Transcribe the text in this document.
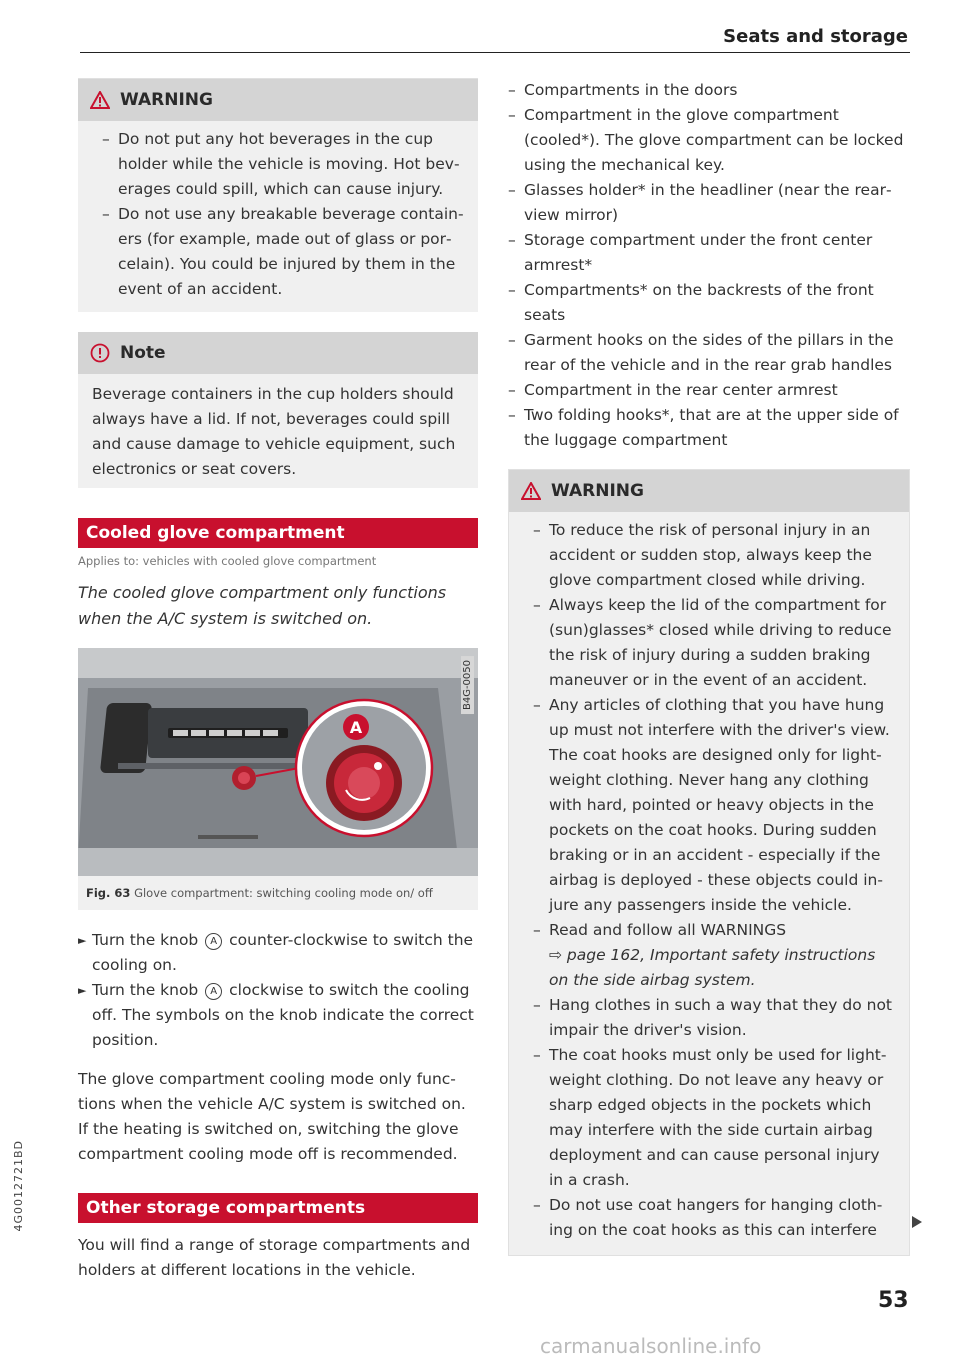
Seats and storage
WARNING
– Do not put any hot beverages in the cup holder while the vehicle is moving. Hot beverages could spill, which can cause injury.
– Do not use any breakable beverage containers (for example, made out of glass or porcelain). You could be injured by them in the event of an accident.
Note
Beverage containers in the cup holders should always have a lid. If not, beverages could spill and cause damage to vehicle equipment, such electronics or seat covers.
Cooled glove compartment
Applies to: vehicles with cooled glove compartment
The cooled glove compartment only functions when the A/C system is switched on.
A
B4G-0050
Fig. 63 Glove compartment: switching cooling mode on/ off
► Turn the knob A counter-clockwise to switch the cooling on.
► Turn the knob A clockwise to switch the cooling off. The symbols on the knob indicate the correct position.
The glove compartment cooling mode only functions when the vehicle A/C system is switched on. If the heating is switched on, switching the glove compartment cooling mode off is recommended.
Other storage compartments
You will find a range of storage compartments and holders at different locations in the vehicle.
– Compartments in the doors
– Compartment in the glove compartment (cooled*). The glove compartment can be locked using the mechanical key.
– Glasses holder* in the headliner (near the rearview mirror)
– Storage compartment under the front center armrest*
– Compartments* on the backrests of the front seats
– Garment hooks on the sides of the pillars in the rear of the vehicle and in the rear grab handles
– Compartment in the rear center armrest
– Two folding hooks*, that are at the upper side of the luggage compartment
WARNING
– To reduce the risk of personal injury in an accident or sudden stop, always keep the glove compartment closed while driving.
– Always keep the lid of the compartment for (sun)glasses* closed while driving to reduce the risk of injury during a sudden braking maneuver or in the event of an accident.
– Any articles of clothing that you have hung up must not interfere with the driver's view. The coat hooks are designed only for lightweight clothing. Never hang any clothing with hard, pointed or heavy objects in the pockets on the coat hooks. During sudden braking or in an accident - especially if the airbag is deployed - these objects could injure any passengers inside the vehicle.
– Read and follow all WARNINGS
⇨ page 162, Important safety instructions on the side airbag system.
– Hang clothes in such a way that they do not impair the driver's vision.
– The coat hooks must only be used for lightweight clothing. Do not leave any heavy or sharp edged objects in the pockets which may interfere with the side curtain airbag deployment and can cause personal injury in a crash.
– Do not use coat hangers for hanging clothing on the coat hooks as this can interfere
4G0012721BD
53
carmanualsonline.info
